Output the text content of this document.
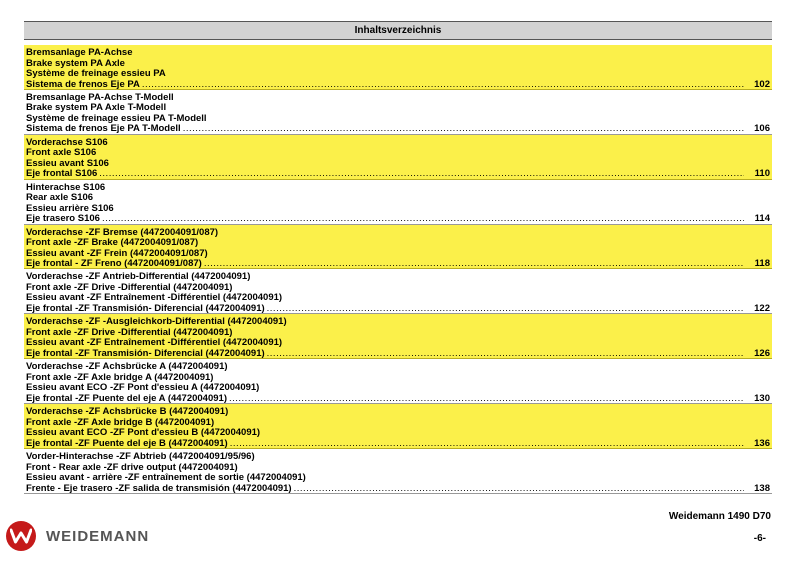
Inhaltsverzeichnis
Bremsanlage PA-Achse
Brake system PA Axle
Système de freinage essieu PA
Sistema de frenos Eje PA .....	102
Bremsanlage PA-Achse T-Modell
Brake system PA Axle T-Modell
Système de freinage essieu PA T-Modell
Sistema de frenos Eje PA T-Modell .....	106
Vorderachse S106
Front axle S106
Essieu avant S106
Eje frontal S106 .....	110
Hinterachse S106
Rear axle S106
Essieu arrière S106
Eje trasero S106 .....	114
Vorderachse -ZF Bremse (4472004091/087)
Front axle -ZF Brake (4472004091/087)
Essieu avant -ZF Frein (4472004091/087)
Eje frontal - ZF Freno (4472004091/087) .....	118
Vorderachse -ZF Antrieb-Differential (4472004091)
Front axle -ZF Drive -Differential (4472004091)
Essieu avant -ZF Entraînement -Différentiel (4472004091)
Eje frontal -ZF Transmisión- Diferencial (4472004091) .....	122
Vorderachse -ZF -Ausgleichkorb-Differential (4472004091)
Front axle -ZF Drive -Differential (4472004091)
Essieu avant -ZF Entraînement -Différentiel (4472004091)
Eje frontal -ZF Transmisión- Diferencial (4472004091) .....	126
Vorderachse -ZF Achsbrücke A (4472004091)
Front axle -ZF Axle bridge A (4472004091)
Essieu avant ECO -ZF Pont d'essieu A (4472004091)
Eje frontal -ZF Puente del eje A (4472004091) .....	130
Vorderachse -ZF Achsbrücke B (4472004091)
Front axle -ZF Axle bridge B (4472004091)
Essieu avant ECO -ZF Pont d'essieu B (4472004091)
Eje frontal -ZF Puente del eje B (4472004091) .....	136
Vorder-Hinterachse -ZF Abtrieb (4472004091/95/96)
Front - Rear axle -ZF drive output (4472004091)
Essieu avant - arrière -ZF entraînement de sortie (4472004091)
Frente - Eje trasero -ZF salida de transmisión (4472004091) .....	138
WEIDEMANN
Weidemann 1490 D70
-6-
